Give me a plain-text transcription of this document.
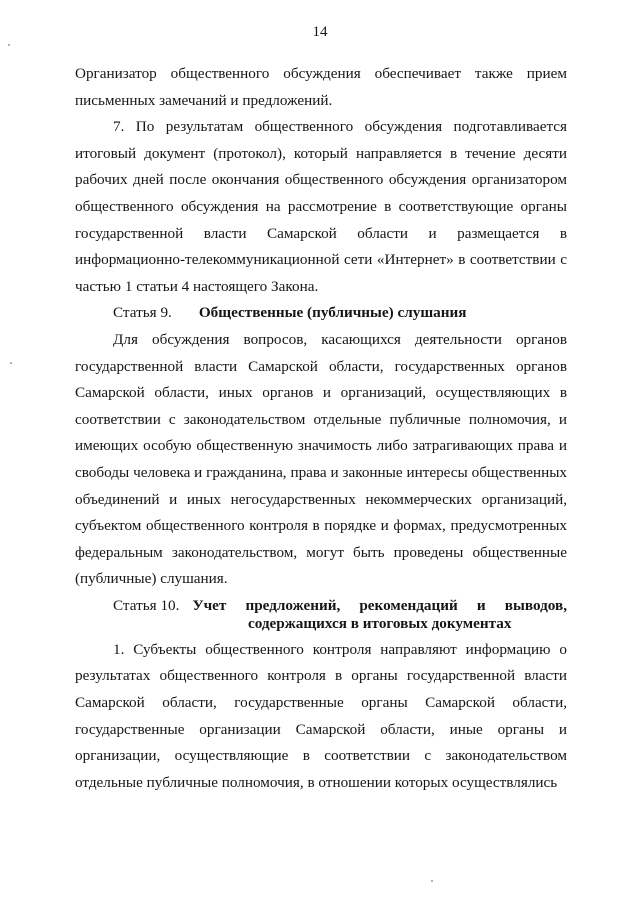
14

Организатор общественного обсуждения обеспечивает также прием письменных замечаний и предложений.

7. По результатам общественного обсуждения подготавливается итоговый документ (протокол), который направляется в течение десяти рабочих дней после окончания общественного обсуждения организатором общественного обсуждения на рассмотрение в соответствующие органы государственной власти Самарской области и размещается в информационно-телекоммуникационной сети «Интернет» в соответствии с частью 1 статьи 4 настоящего Закона.

Статья 9.	Общественные (публичные) слушания

Для обсуждения вопросов, касающихся деятельности органов государственной власти Самарской области, государственных органов Самарской области, иных органов и организаций, осуществляющих в соответствии с законодательством отдельные публичные полномочия, и имеющих особую общественную значимость либо затрагивающих права и свободы человека и гражданина, права и законные интересы общественных объединений и иных негосударственных некоммерческих организаций, субъектом общественного контроля в порядке и формах, предусмотренных федеральным законодательством, могут быть проведены общественные (публичные) слушания.

Статья 10. Учет предложений, рекомендаций и выводов, содержащихся в итоговых документах

1. Субъекты общественного контроля направляют информацию о результатах общественного контроля в органы государственной власти Самарской области, государственные органы Самарской области, государственные организации Самарской области, иные органы и организации, осуществляющие в соответствии с законодательством отдельные публичные полномочия, в отношении которых осуществлялись
